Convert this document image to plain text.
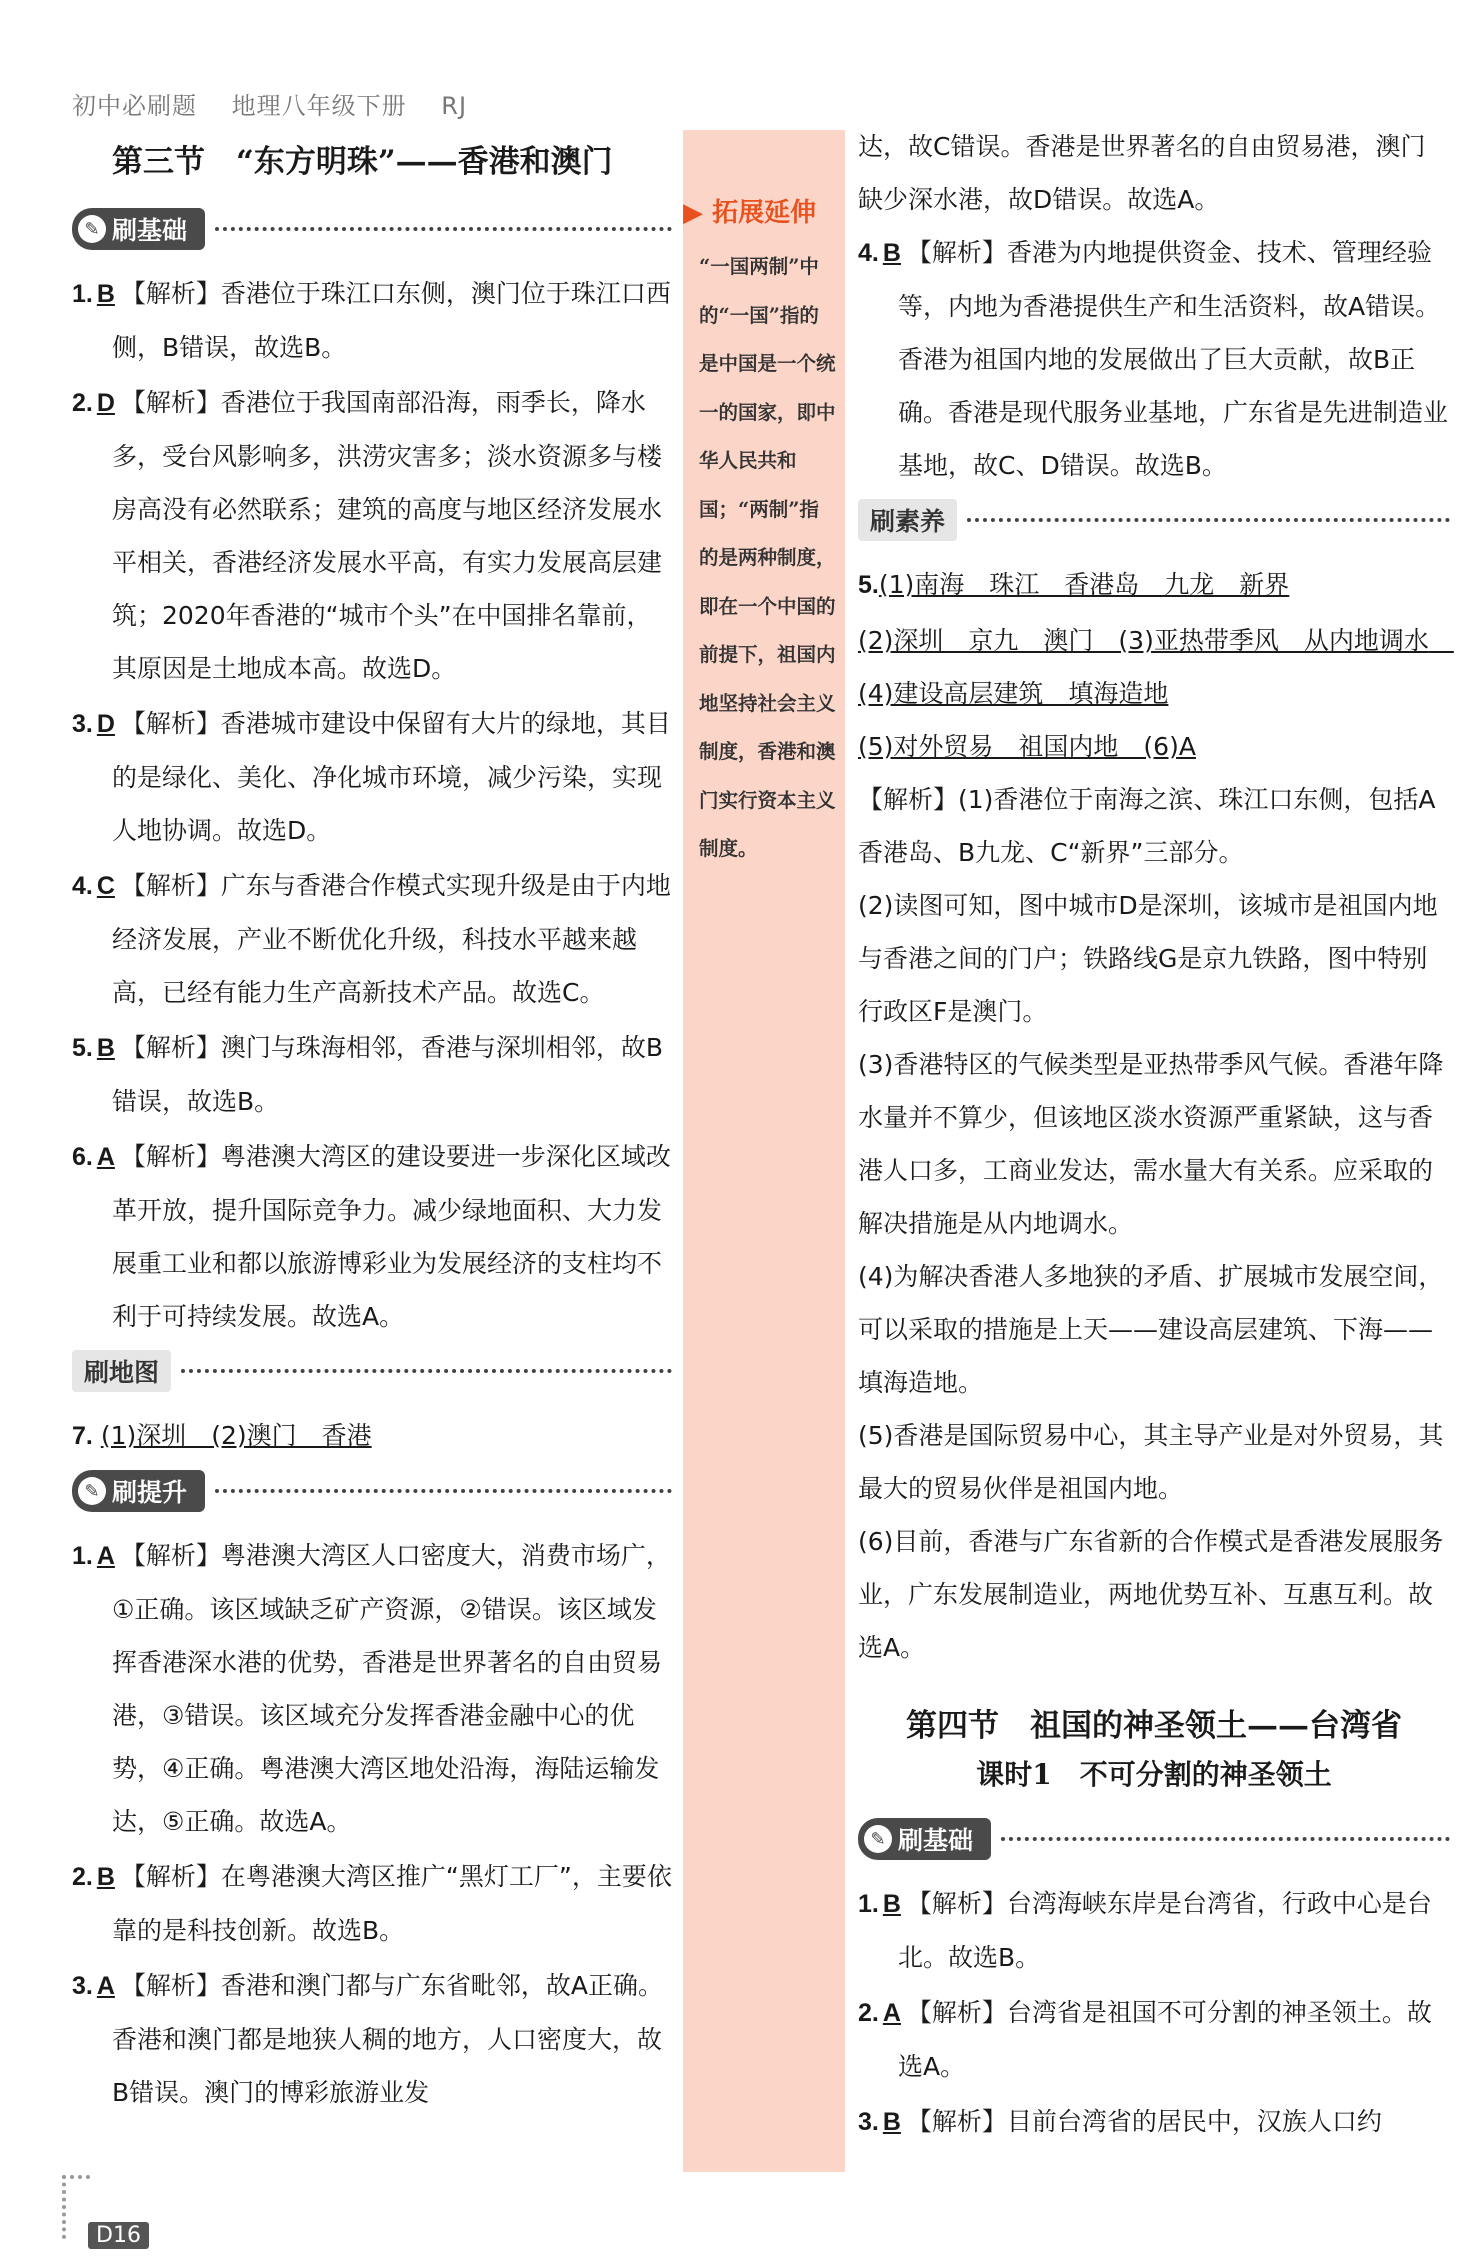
初中必刷题 地理八年级下册 RJ
第三节　“东方明珠”——香港和澳门
✎ 刷基础

1. B 【解析】香港位于珠江口东侧，澳门位于珠江口西侧，B错误，故选B。

2. D 【解析】香港位于我国南部沿海，雨季长，降水多，受台风影响多，洪涝灾害多；淡水资源多与楼房高没有必然联系；建筑的高度与地区经济发展水平相关，香港经济发展水平高，有实力发展高层建筑；2020年香港的“城市个头”在中国排名靠前，其原因是土地成本高。故选D。

3. D 【解析】香港城市建设中保留有大片的绿地，其目的是绿化、美化、净化城市环境，减少污染，实现人地协调。故选D。

4. C 【解析】广东与香港合作模式实现升级是由于内地经济发展，产业不断优化升级，科技水平越来越高，已经有能力生产高新技术产品。故选C。

5. B 【解析】澳门与珠海相邻，香港与深圳相邻，故B错误，故选B。

6. A 【解析】粤港澳大湾区的建设要进一步深化区域改革开放，提升国际竞争力。减少绿地面积、大力发展重工业和都以旅游博彩业为发展经济的支柱均不利于可持续发展。故选A。

刷地图

7. (1)深圳　(2)澳门　香港

✎ 刷提升

1. A 【解析】粤港澳大湾区人口密度大，消费市场广，①正确。该区域缺乏矿产资源，②错误。该区域发挥香港深水港的优势，香港是世界著名的自由贸易港，③错误。该区域充分发挥香港金融中心的优势，④正确。粤港澳大湾区地处沿海，海陆运输发达，⑤正确。故选A。

2. B 【解析】在粤港澳大湾区推广“黑灯工厂”，主要依靠的是科技创新。故选B。

3. A 【解析】香港和澳门都与广东省毗邻，故A正确。香港和澳门都是地狭人稠的地方，人口密度大，故B错误。澳门的博彩旅游业发

▶ 拓展延伸

“一国两制”中的“一国”指的是中国是一个统一的国家，即中华人民共和国；“两制”指的是两种制度，即在一个中国的前提下，祖国内地坚持社会主义制度，香港和澳门实行资本主义制度。

达，故C错误。香港是世界著名的自由贸易港，澳门缺少深水港，故D错误。故选A。

4. B 【解析】香港为内地提供资金、技术、管理经验等，内地为香港提供生产和生活资料，故A错误。香港为祖国内地的发展做出了巨大贡献，故B正确。香港是现代服务业基地，广东省是先进制造业基地，故C、D错误。故选B。

刷素养

5.(1)南海　珠江　香港岛　九龙　新界

(2)深圳　京九　澳门　(3)亚热带季风　从内地调水　(4)建设高层建筑　填海造地

(5)对外贸易　祖国内地　(6)A

【解析】(1)香港位于南海之滨、珠江口东侧，包括A香港岛、B九龙、C“新界”三部分。

(2)读图可知，图中城市D是深圳，该城市是祖国内地与香港之间的门户；铁路线G是京九铁路，图中特别行政区F是澳门。

(3)香港特区的气候类型是亚热带季风气候。香港年降水量并不算少，但该地区淡水资源严重紧缺，这与香港人口多，工商业发达，需水量大有关系。应采取的解决措施是从内地调水。

(4)为解决香港人多地狭的矛盾、扩展城市发展空间，可以采取的措施是上天——建设高层建筑、下海——填海造地。

(5)香港是国际贸易中心，其主导产业是对外贸易，其最大的贸易伙伴是祖国内地。

(6)目前，香港与广东省新的合作模式是香港发展服务业，广东发展制造业，两地优势互补、互惠互利。故选A。

第四节　祖国的神圣领土——台湾省
课时1　不可分割的神圣领土
✎ 刷基础

1. B 【解析】台湾海峡东岸是台湾省，行政中心是台北。故选B。

2. A 【解析】台湾省是祖国不可分割的神圣领土。故选A。

3. B 【解析】目前台湾省的居民中，汉族人口约

D16
